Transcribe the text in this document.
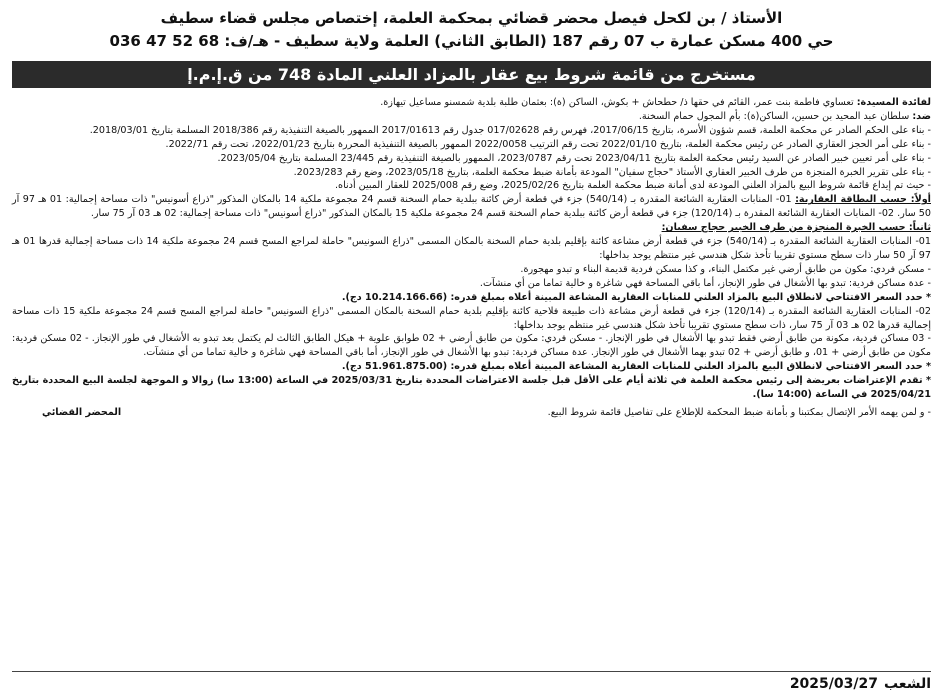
الأستاذ / بن لكحل فيصل محضر قضائي بمحكمة العلمة، إختصاص مجلس قضاء سطيف
حي 400 مسكن عمارة ب 07 رقم 187 (الطابق الثاني) العلمة ولاية سطيف - هـ/ف: 68 52 47 036
مستخرج من قائمة شروط بيع عقار بالمزاد العلني المادة 748 من ق.إ.م.إ

لفائدة المسيدة: تعساوي فاطمة بنت عمر، القائم في حقها ذ/ حطحاش + بكوش، الساكن (ة): بعثمان طلبة بلدية شمسنو مساعيل تيهازة.

ضد: سلطان عبد المحيد بن حسين، الساكن(ة): بأم المجول حمام السخنة.

- بناء على الحكم الصادر عن محكمة العلمة، قسم شؤون الأسرة، بتاريخ 2017/06/15، فهرس رقم 017/02628 جدول رقم 2017/01613 الممهور بالصيغة التنفيذية رقم 2018/386 المسلمة بتاريخ 2018/03/01.

- بناء على أمر الحجز العقاري الصادر عن رئيس محكمة العلمة، بتاريخ 2022/01/10 تحت رقم الترتيب 2022/0058 الممهور بالصيغة التنفيذية المحررة بتاريخ 2022/01/23، تحت رقم 2022/71.

- بناء على أمر تعيين خبير الصادر عن السيد رئيس محكمة العلمة بتاريخ 2023/04/11 تحت رقم 2023/0787، الممهور بالصيغة التنفيذية رقم 23/445 المسلمة بتاريخ 2023/05/04.

- بناء على تقرير الخبرة المنجزة من طرف الخبير العقاري الأستاذ "حجاج سفيان" المودعة بأمانة ضبط محكمة العلمة، بتاريخ 2023/05/18، وضع رقم 2023/283.

- حيث تم إيداع قائمة شروط البيع بالمزاد العلني المودعة لدى أمانة ضبط محكمة العلمة بتاريخ 2025/02/26، وضع رقم 2025/008 للعقار المبين أدناه.

أولاً: حسب البطاقة العقارية: 01- المنابات العقارية الشائعة المقدرة بـ (540/14) جزء في قطعة أرض كائنة ببلدية حمام السخنة قسم 24 مجموعة ملكية 14 بالمكان المذكور "ذراع أسونيس" ذات مساحة إجمالية: 01 هـ 97 آر 50 سار. 02- المنابات العقارية الشائعة المقدرة بـ (120/14) جزء في قطعة أرض كائنة ببلدية حمام السخنة قسم 24 مجموعة ملكية 15 بالمكان المذكور "ذراع أسونيس" ذات مساحة إجمالية: 02 هـ 03 آر 75 سار.

ثانياً: حسب الخبرة المنجزة من طرف الخبير حجاج سفيان:

01- المنابات العقارية الشائعة المقدرة بـ (540/14) جزء في قطعة أرض مشاعة كائنة بإقليم بلدية حمام السخنة بالمكان المسمى "ذراع السونيس" حاملة لمراجع المسح قسم 24 مجموعة ملكية 14 ذات مساحة إجمالية قدرها 01 هـ 97 آر 50 سار ذات سطح مستوي تقريبا تأخذ شكل هندسي غير منتظم يوجد بداخلها:

- مسكن فردي: مكون من طابق أرضي غير مكتمل البناء، و كذا مسكن فردية قديمة البناء و تبدو مهجورة.

- عدة مساكن فردية: تبدو بها الأشغال في طور الإنجاز، أما باقي المساحة فهي شاغرة و خالية تماما من أي منشآت.

* حدد السعر الافتتاحي لانطلاق البيع بالمزاد العلني للمنابات العقارية المشاعة المبينة أعلاه بمبلغ قدره: (10.214.166.66 دج).

02- المنابات العقارية الشائعة المقدرة بـ (120/14) جزء في قطعة أرض مشاعة ذات طبيعة فلاحية كائنة بإقليم بلدية حمام السخنة بالمكان المسمى "ذراع السونيس" حاملة لمراجع المسح قسم 24 مجموعة ملكية 15 ذات مساحة إجمالية قدرها 02 هـ 03 آر 75 سار، ذات سطح مستوي تقريبا تأخذ شكل هندسي غير منتظم يوجد بداخلها:

- 03 مساكن فردية، مكونة من طابق أرضي فقط تبدو بها الأشغال في طور الإنجاز. - مسكن فردي: مكون من طابق أرضي + 02 طوابق علوية + هيكل الطابق الثالث لم يكتمل بعد تبدو به الأشغال في طور الإنجاز. - 02 مسكن فردية: مكون من طابق أرضي + 01، و طابق أرضي + 02 تبدو بهما الأشغال في طور الإنجاز. عدة مساكن فردية: تبدو بها الأشغال في طور الإنجاز، أما باقي المساحة فهي شاغرة و خالية تماما من أي منشآت.

* حدد السعر الافتتاحي لانطلاق البيع بالمزاد العلني للمنابات العقارية المشاعة المبينة أعلاه بمبلغ قدره: (51.961.875.00 دج).

* تقدم الإعتراضات بعريضة إلى رئيس محكمة العلمة في ثلاثة أيام على الأقل قبل جلسة الاعتراضات المحددة بتاريخ 2025/03/31 في الساعة (13:00 سا) زوالا و الموجهة لجلسة البيع المحددة بتاريخ 2025/04/21 في الساعة (14:00 سا).

- و لمن يهمه الأمر الإتصال بمكتبنا و بأمانة ضبط المحكمة للإطلاع على تفاصيل قائمة شروط البيع.
المحضر القضائي
الشعب
2025/03/27
